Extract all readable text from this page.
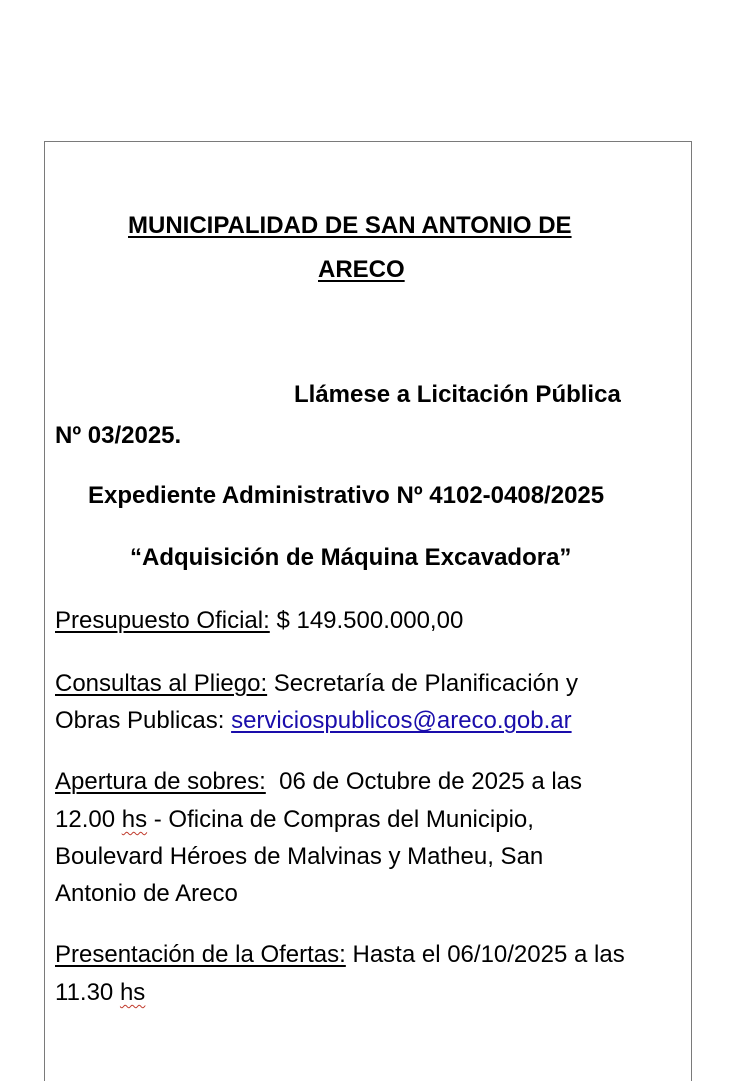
MUNICIPALIDAD DE SAN ANTONIO DE
ARECO
Llámese a Licitación Pública
Nº 03/2025.
Expediente Administrativo Nº 4102-0408/2025
“Adquisición de Máquina Excavadora”
Presupuesto Oficial: $ 149.500.000,00
Consultas al Pliego: Secretaría de Planificación y
Obras Publicas: serviciospublicos@areco.gob.ar
Apertura de sobres:  06 de Octubre de 2025 a las
12.00 hs - Oficina de Compras del Municipio,
Boulevard Héroes de Malvinas y Matheu, San
Antonio de Areco
Presentación de la Ofertas: Hasta el 06/10/2025 a las
11.30 hs
